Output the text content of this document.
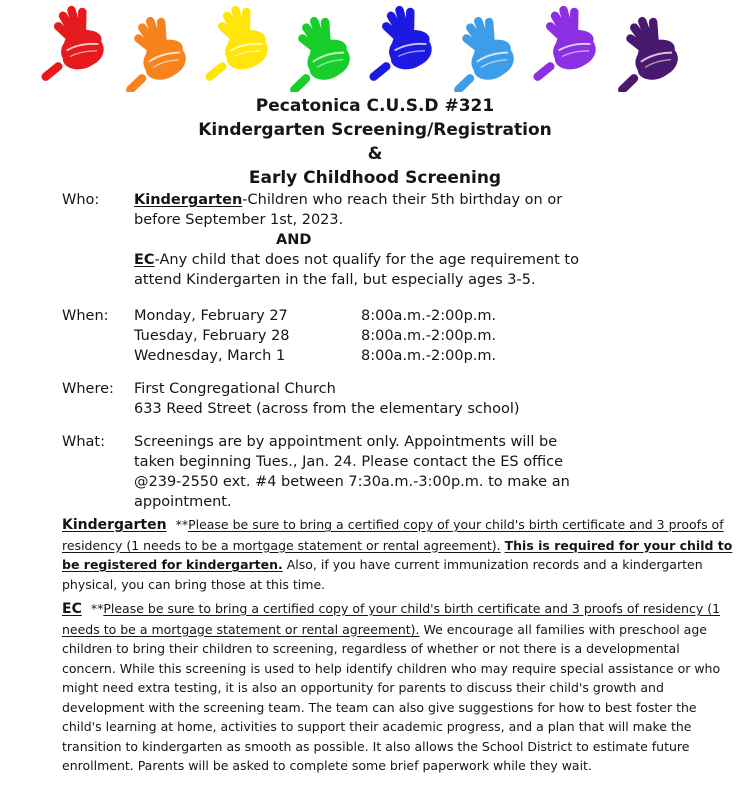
Pecatonica C.U.S.D #321
Kindergarten Screening/Registration
&
Early Childhood Screening
Who:	Kindergarten-Children who reach their 5th birthday on or before September 1st, 2023.
AND
EC-Any child that does not qualify for the age requirement to attend Kindergarten in the fall, but especially ages 3-5.
When:	Monday, February 27	8:00a.m.-2:00p.m.
Tuesday, February 28	8:00a.m.-2:00p.m.
Wednesday, March 1	8:00a.m.-2:00p.m.
Where:	First Congregational Church
633 Reed Street (across from the elementary school)
What:	Screenings are by appointment only. Appointments will be taken beginning Tues., Jan. 24. Please contact the ES office @239-2550 ext. #4 between 7:30a.m.-3:00p.m. to make an appointment.
Kindergarten **Please be sure to bring a certified copy of your child's birth certificate and 3 proofs of residency (1 needs to be a mortgage statement or rental agreement). This is required for your child to be registered for kindergarten. Also, if you have current immunization records and a kindergarten physical, you can bring those at this time.
EC **Please be sure to bring a certified copy of your child's birth certificate and 3 proofs of residency (1 needs to be a mortgage statement or rental agreement). We encourage all families with preschool age children to bring their children to screening, regardless of whether or not there is a developmental concern. While this screening is used to help identify children who may require special assistance or who might need extra testing, it is also an opportunity for parents to discuss their child's growth and development with the screening team. The team can also give suggestions for how to best foster the child's learning at home, activities to support their academic progress, and a plan that will make the transition to kindergarten as smooth as possible. It also allows the School District to estimate future enrollment. Parents will be asked to complete some brief paperwork while they wait.
